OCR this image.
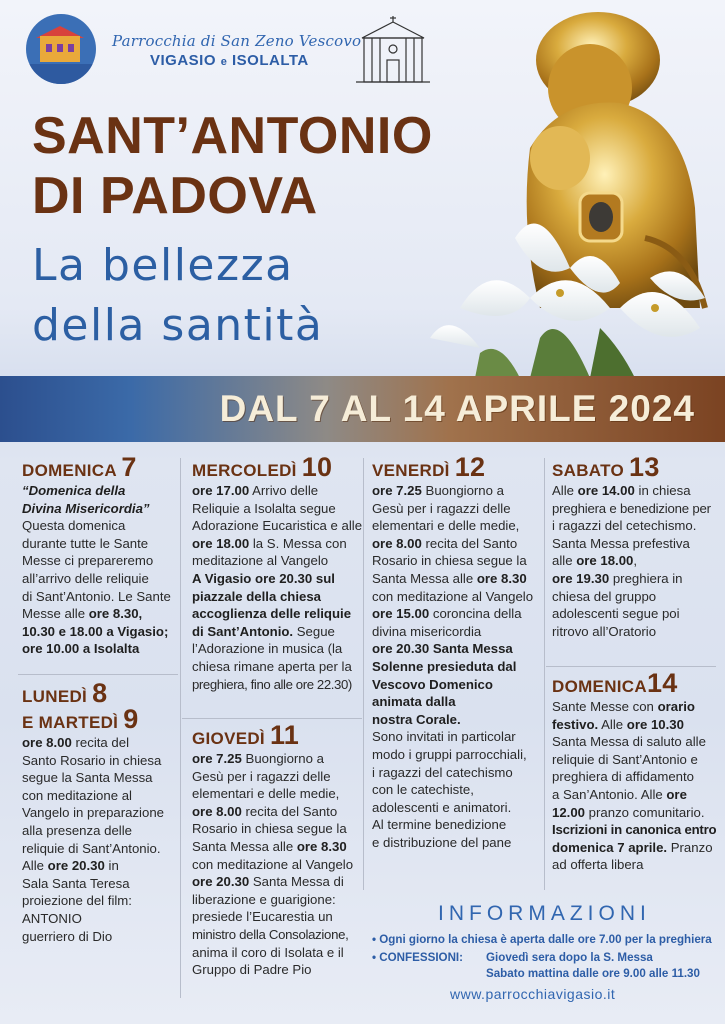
Parrocchia di San Zeno Vescovo
VIGASIO e ISOLALTA
SANT’ANTONIO
DI PADOVA
La bellezza
della santità
DAL 7 AL 14 APRILE 2024
DOMENICA 7
“Domenica della
Divina Misericordia”
Questa domenica
durante tutte le Sante
Messe ci prepareremo
all’arrivo delle reliquie
di Sant’Antonio. Le Sante
Messe alle ore 8.30,
10.30 e 18.00 a Vigasio;
ore 10.00 a Isolalta
LUNEDÌ 8
E MARTEDÌ 9
ore 8.00 recita del
Santo Rosario in chiesa
segue la Santa Messa
con meditazione al
Vangelo in preparazione
alla presenza delle
reliquie di Sant’Antonio.
Alle ore 20.30 in
Sala Santa Teresa
proiezione del film:
ANTONIO
guerriero di Dio
MERCOLEDÌ 10
ore 17.00 Arrivo delle
Reliquie a Isolalta segue
Adorazione Eucaristica e alle
ore 18.00 la S. Messa con
meditazione al Vangelo
A Vigasio ore 20.30 sul
piazzale della chiesa
accoglienza delle reliquie
di Sant’Antonio. Segue
l’Adorazione in musica (la
chiesa rimane aperta per la
preghiera, fino alle ore 22.30)
GIOVEDÌ 11
ore 7.25 Buongiorno a
Gesù per i ragazzi delle
elementari e delle medie,
ore 8.00 recita del Santo
Rosario in chiesa segue la
Santa Messa alle ore 8.30
con meditazione al Vangelo
ore 20.30 Santa Messa di
liberazione e guarigione:
presiede l’Eucarestia un
ministro della Consolazione,
anima il coro di Isolata e il
Gruppo di Padre Pio
VENERDÌ 12
ore 7.25 Buongiorno a
Gesù per i ragazzi delle
elementari e delle medie,
ore 8.00 recita del Santo
Rosario in chiesa segue la
Santa Messa alle ore 8.30
con meditazione al Vangelo
ore 15.00 coroncina della
divina misericordia
ore 20.30 Santa Messa
Solenne presieduta dal
Vescovo Domenico
animata dalla
nostra Corale.
Sono invitati in particolar
modo i gruppi parrocchiali,
i ragazzi del catechismo
con le catechiste,
adolescenti e animatori.
Al termine benedizione
e distribuzione del pane
SABATO 13
Alle ore 14.00 in chiesa
preghiera e benedizione per
i ragazzi del cetechismo.
Santa Messa prefestiva
alle ore 18.00,
ore 19.30 preghiera in
chiesa del gruppo
adolescenti segue poi
ritrovo all’Oratorio
DOMENICA14
Sante Messe con orario
festivo. Alle ore 10.30
Santa Messa di saluto alle
reliquie di Sant’Antonio e
preghiera di affidamento
a San’Antonio. Alle ore
12.00 pranzo comunitario.
Iscrizioni in canonica entro
domenica 7 aprile. Pranzo
ad offerta libera
INFORMAZIONI
• Ogni giorno la chiesa è aperta dalle ore 7.00 per la preghiera
• CONFESSIONI: Giovedì sera dopo la S. Messa
Sabato mattina dalle ore 9.00 alle 11.30
www.parrocchiavigasio.it
